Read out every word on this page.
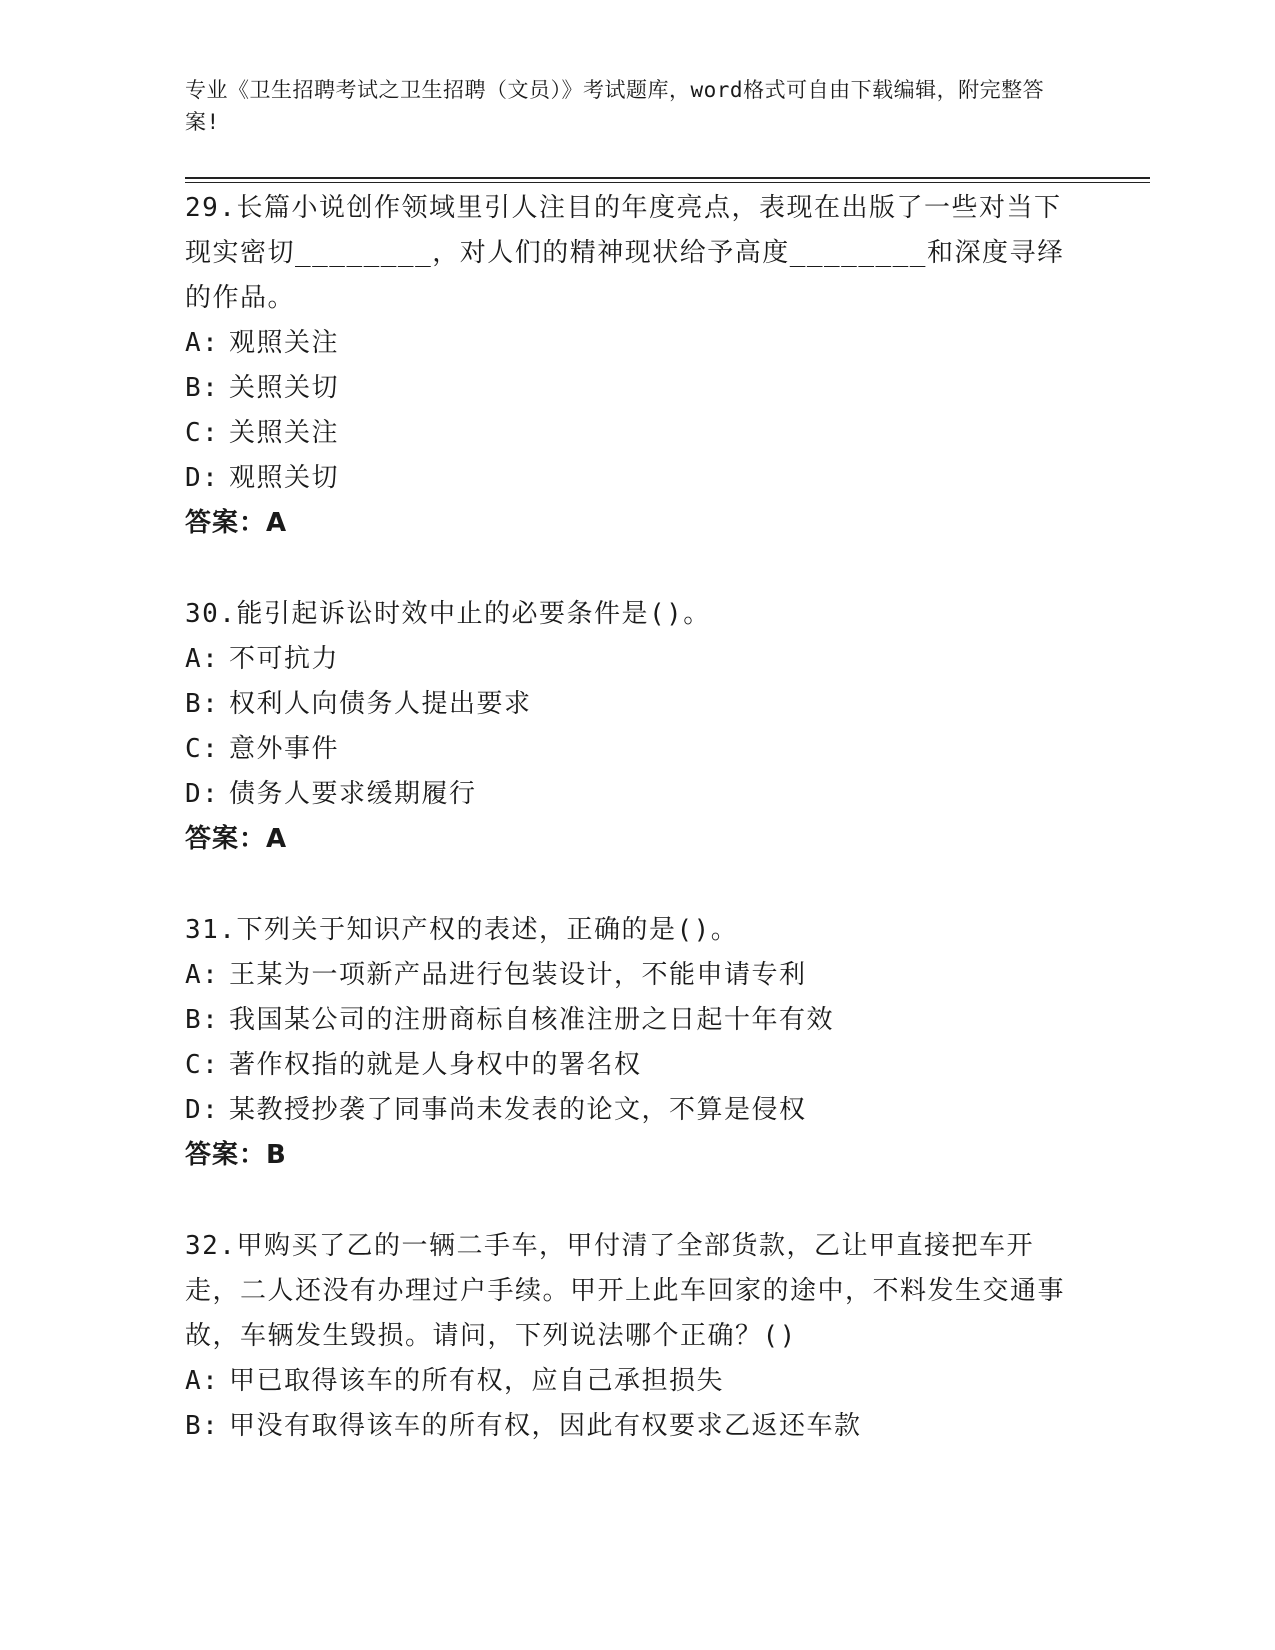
专业《卫生招聘考试之卫生招聘（文员）》考试题库，word格式可自由下载编辑，附完整答案!

29.长篇小说创作领域里引人注目的年度亮点，表现在出版了一些对当下现实密切________，对人们的精神现状给予高度________和深度寻绎的作品。

A: 观照关注

B: 关照关切

C: 关照关注

D: 观照关切

答案：A

30.能引起诉讼时效中止的必要条件是()。

A: 不可抗力

B: 权利人向债务人提出要求

C: 意外事件

D: 债务人要求缓期履行

答案：A

31.下列关于知识产权的表述，正确的是()。

A: 王某为一项新产品进行包装设计，不能申请专利

B: 我国某公司的注册商标自核准注册之日起十年有效

C: 著作权指的就是人身权中的署名权

D: 某教授抄袭了同事尚未发表的论文，不算是侵权

答案：B

32.甲购买了乙的一辆二手车，甲付清了全部货款，乙让甲直接把车开走，二人还没有办理过户手续。甲开上此车回家的途中，不料发生交通事故，车辆发生毁损。请问，下列说法哪个正确？()

A: 甲已取得该车的所有权，应自己承担损失

B: 甲没有取得该车的所有权，因此有权要求乙返还车款
